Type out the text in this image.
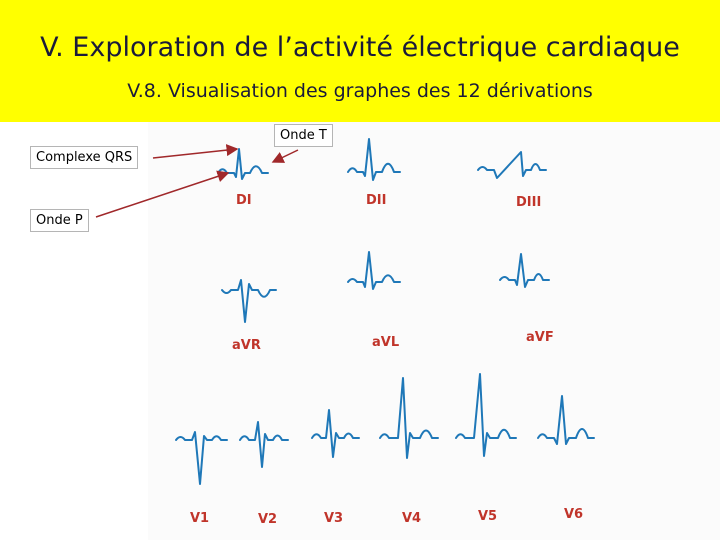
V. Exploration de l’activité électrique cardiaque
V.8. Visualisation des graphes des 12 dérivations
DI	DII	DIII
aVR	aVL	aVF
V1	V2	V3	V4	V5	V6
Complexe QRS
Onde P
Onde T
